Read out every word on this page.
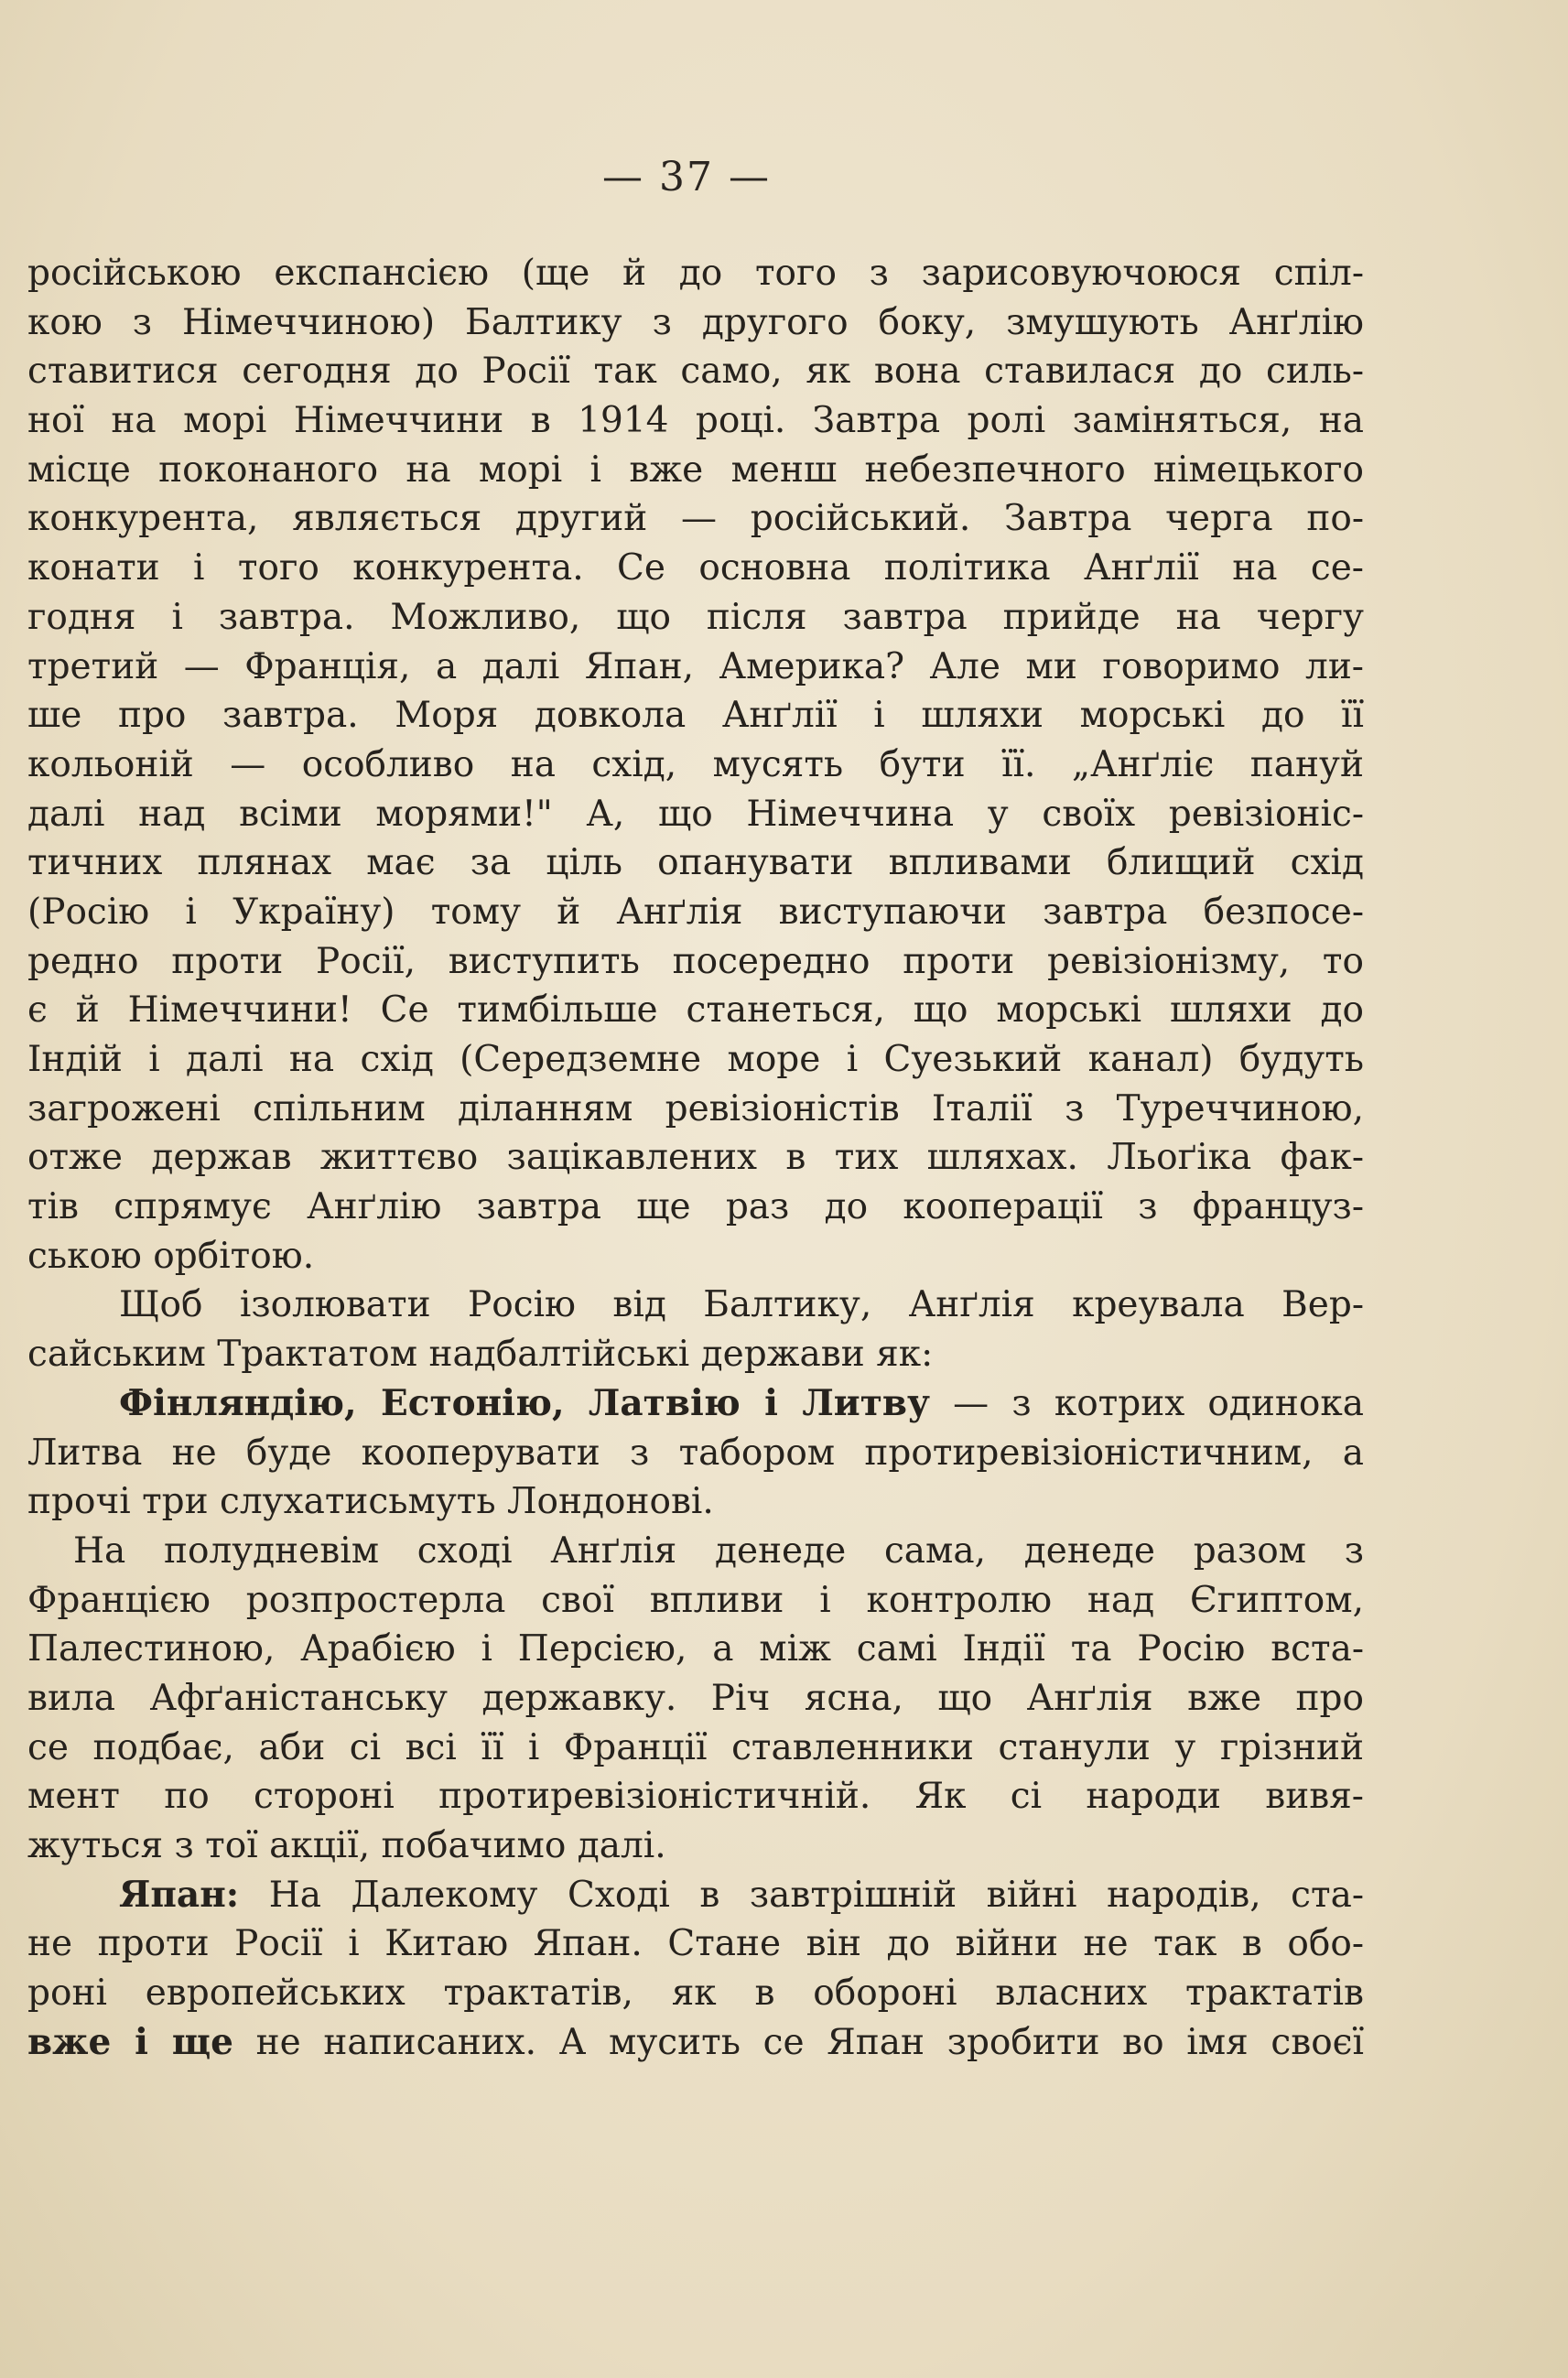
— 37 —
російською експансією (ще й до того з зарисовуючоюся спіл-
кою з Німеччиною) Балтику з другого боку, змушують Анґлію
ставитися сегодня до Росії так само, як вона ставилася до силь-
ної на морі Німеччини в 1914 році. Завтра ролі заміняться, на
місце поконаного на морі і вже менш небезпечного німецького
конкурента, являється другий — російський. Завтра черга по-
конати і того конкурента. Се основна політика Анґлії на се-
годня і завтра. Можливо, що після завтра прийде на чергу
третий — Франція, а далі Япан, Америка? Але ми говоримо ли-
ше про завтра. Моря довкола Анґлії і шляхи морські до її
кольоній — особливо на схід, мусять бути її. „Анґліє пануй
далі над всіми морями!" А, що Німеччина у своїх ревізіоніс-
тичних плянах має за ціль опанувати впливами блищий схід
(Росію і Україну) тому й Анґлія виступаючи завтра безпосе-
редно проти Росії, виступить посередно проти ревізіонізму, то
є й Німеччини! Се тимбільше станеться, що морські шляхи до
Індій і далі на схід (Середземне море і Суезький канал) будуть
загрожені спільним діланням ревізіоністів Італії з Туреччиною,
отже держав життєво зацікавлених в тих шляхах. Льоґіка фак-
тів спрямує Анґлію завтра ще раз до кооперації з француз-
ською орбітою.
Щоб ізолювати Росію від Балтику, Анґлія креувала Вер-
сайським Трактатом надбалтійські держави як:
Фінляндію, Естонію, Латвію і Литву — з котрих одинока
Литва не буде кооперувати з табором протиревізіоністичним, а
прочі три слухатисьмуть Лондонові.
На полудневім сході Анґлія денеде сама, денеде разом з
Францією розпростерла свої впливи і контролю над Єгиптом,
Палестиною, Арабією і Персією, а між самі Індії та Росію вста-
вила Афґаністанську державку. Річ ясна, що Анґлія вже про
се подбає, аби сі всі її і Франції ставленники станули у грізний
мент по стороні протиревізіоністичній. Як сі народи вивя-
жуться з тої акції, побачимо далі.
Япан: На Далекому Сході в завтрішній війні народів, ста-
не проти Росії і Китаю Япан. Стане він до війни не так в обо-
роні европейських трактатів, як в обороні власних трактатів
вже і ще не написаних. А мусить се Япан зробити во імя своєї
